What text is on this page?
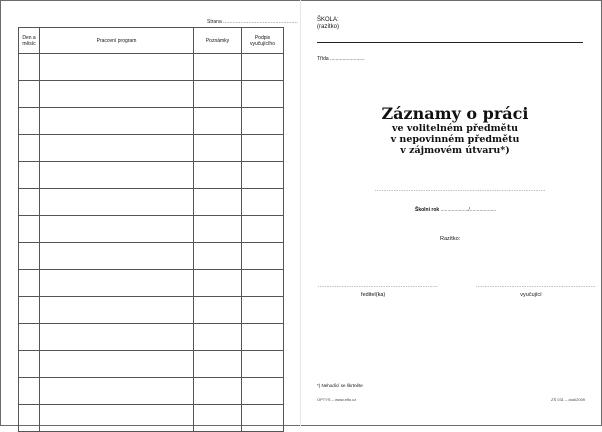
Strana ...............................................
Den a měsíc	Pracovní program	Poznámky	Podpis vyučujícího

ŠKOLA:
(razítko)
Třída .........................
Záznamy o práci
ve volitelném předmětu
v nepovinném předmětu
v zájmovém útvaru*)
.....................................................................................................
Školní rok ..................../...................
Razítko:
.......................................................................
ředitel(ka)
.......................................................................
vyučující
*) Nehodící se škrtněte
OPTYS – www.elfo.cz	ZŠ 031 – dod/2009
